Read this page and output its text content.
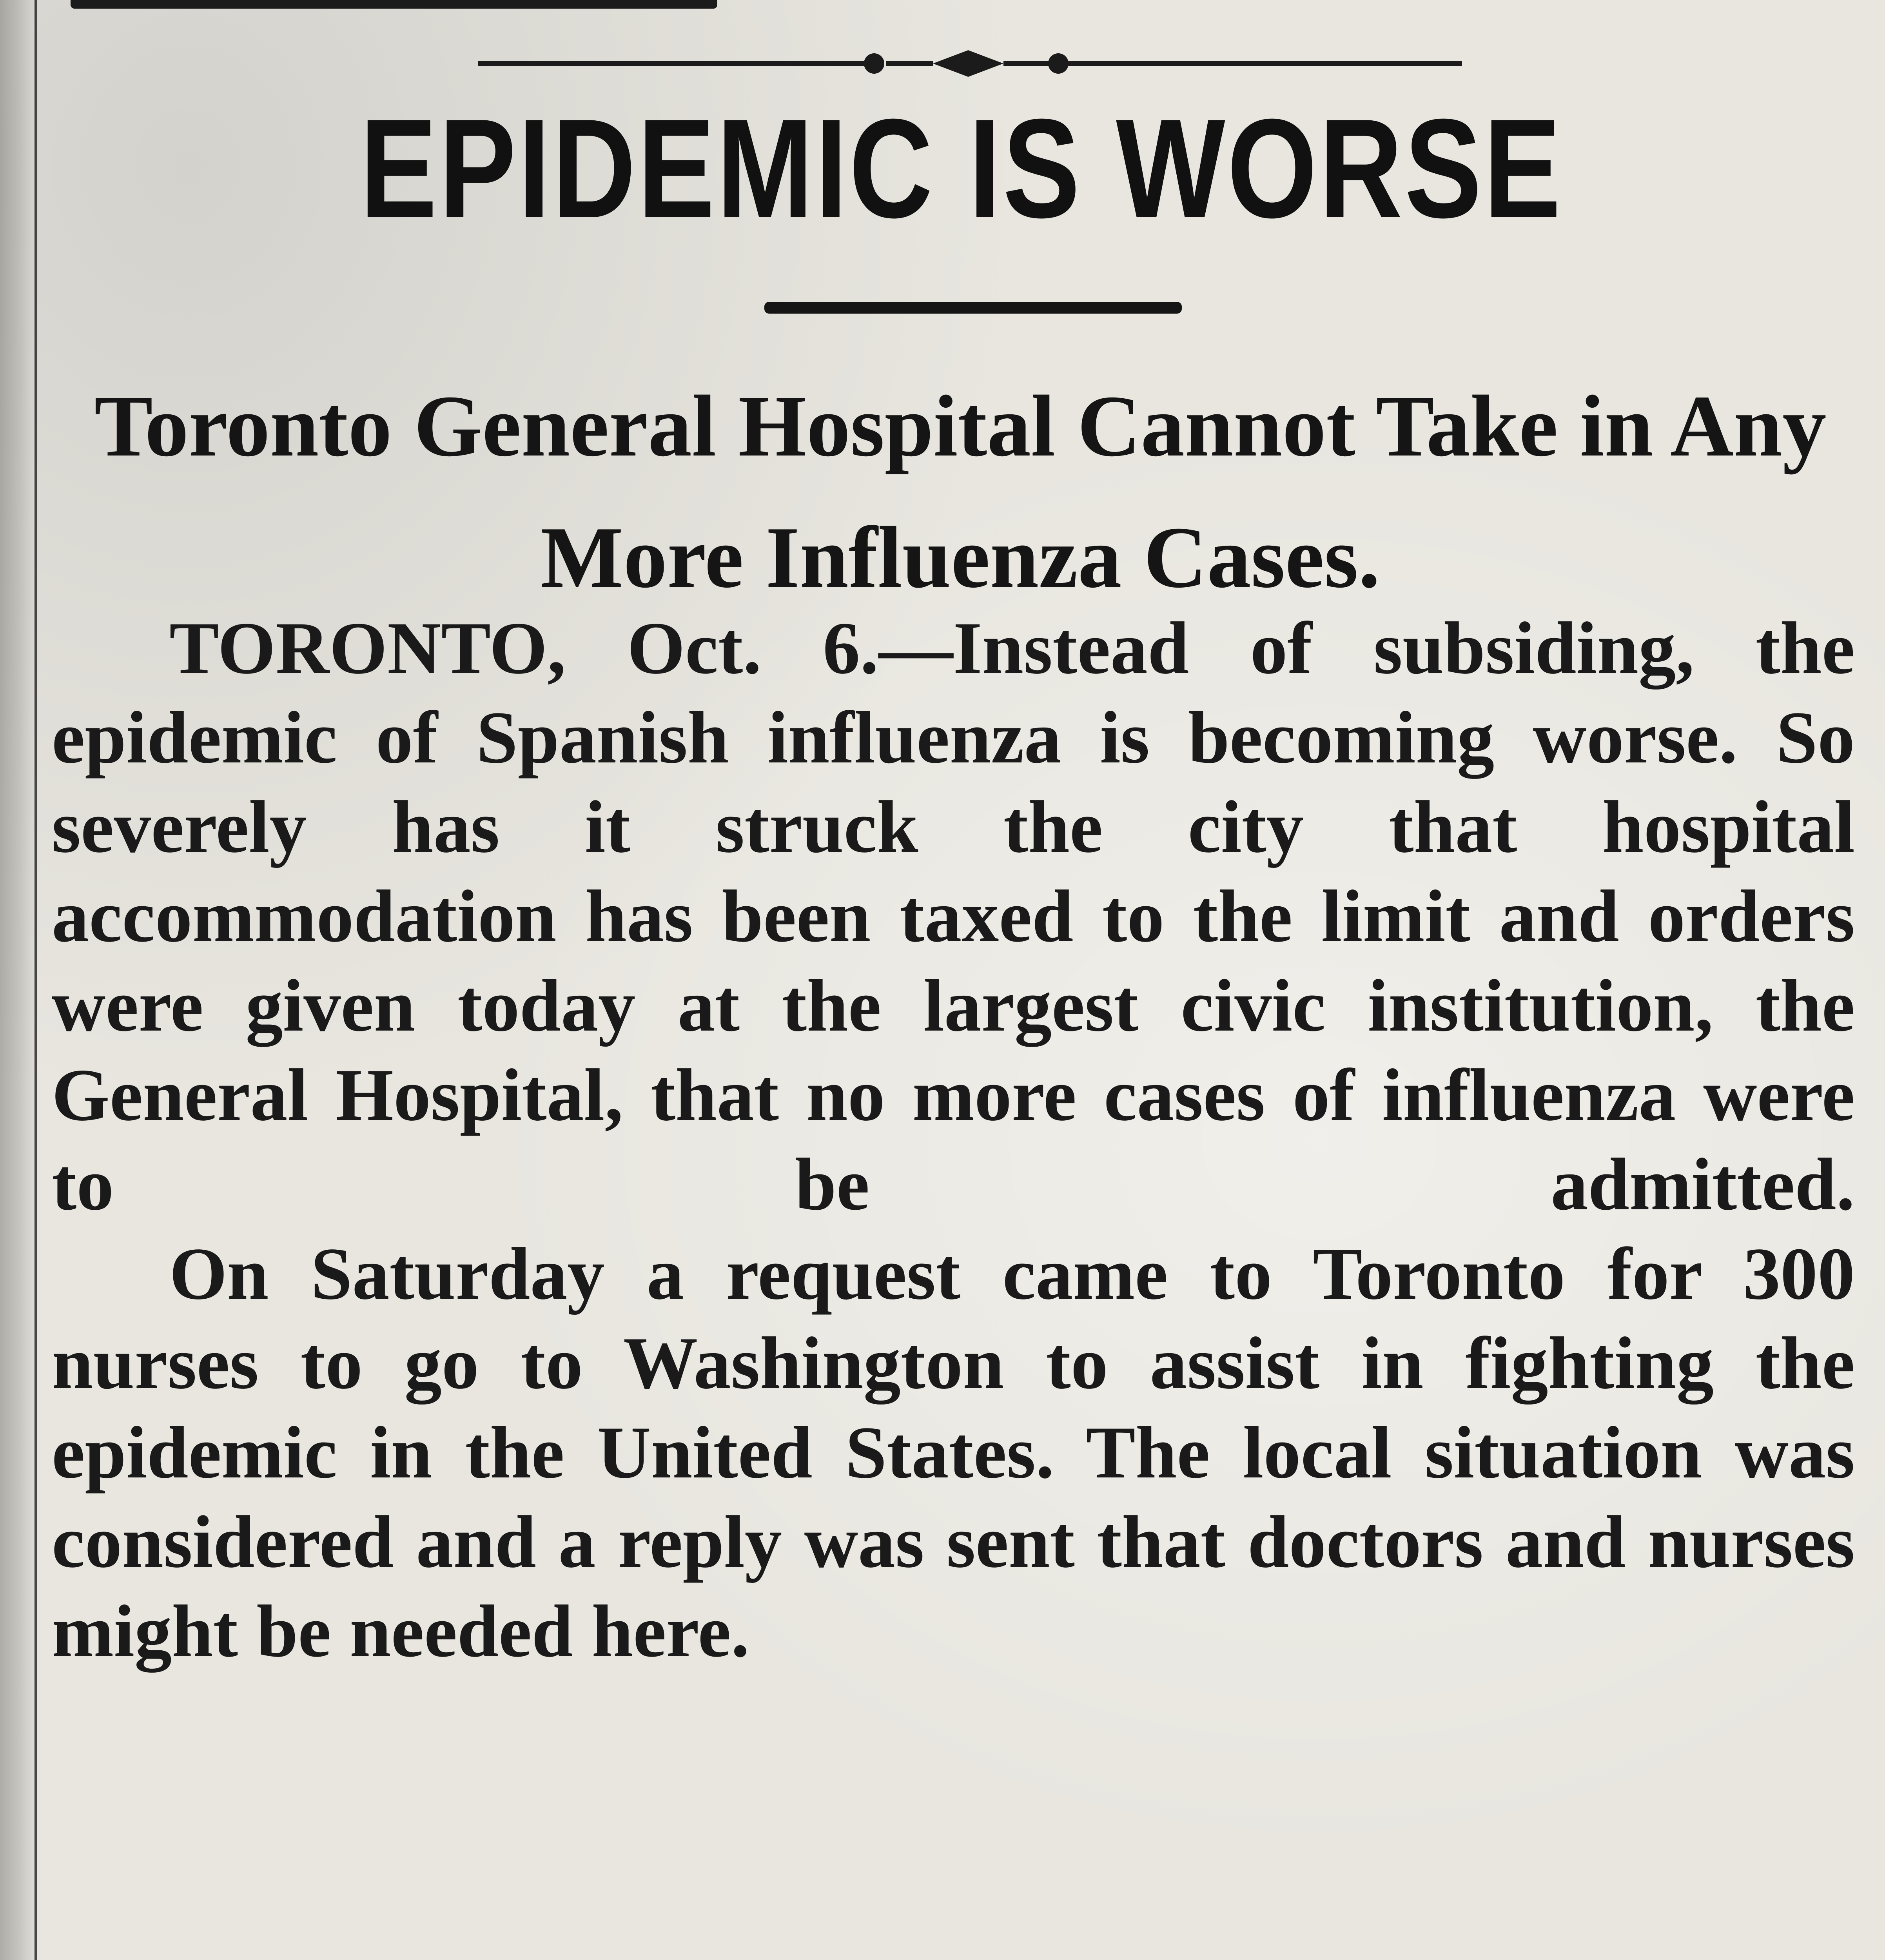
EPIDEMIC IS WORSE
Toronto General Hospital Cannot Take in Any More Influenza Cases.

TORONTO, Oct. 6.—Instead of subsiding, the epidemic of Spanish influenza is becoming worse. So severely has it struck the city that hospital accommodation has been taxed to the limit and orders were given today at the largest civic institution, the General Hospital, that no more cases of influenza were to be admitted.

On Saturday a request came to Toronto for 300 nurses to go to Washington to assist in fighting the epidemic in the United States. The local situation was considered and a reply was sent that doctors and nurses might be needed here.
